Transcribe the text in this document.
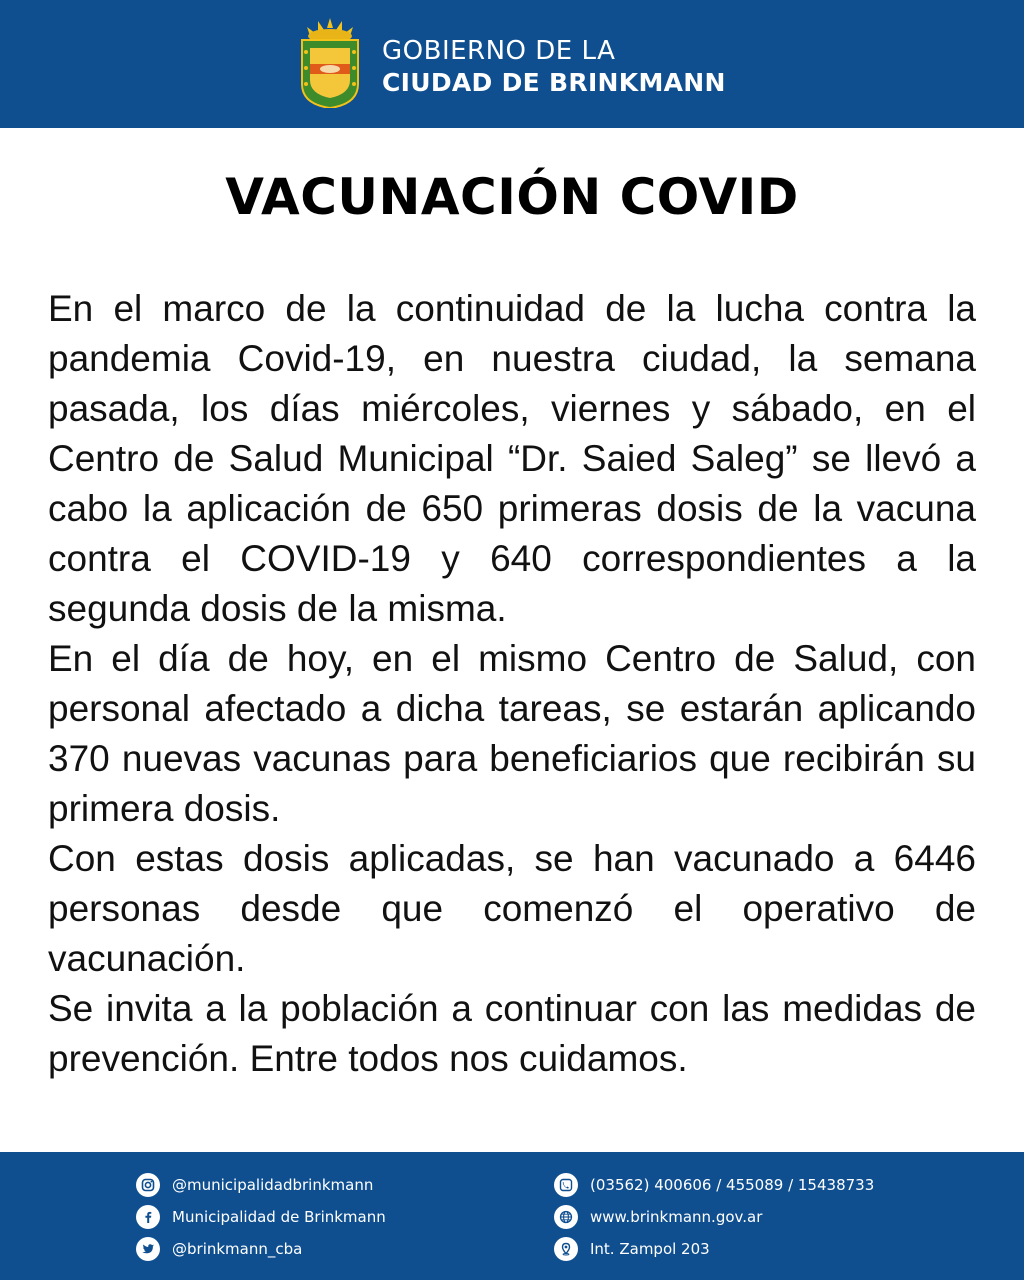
GOBIERNO DE LA
CIUDAD DE BRINKMANN
VACUNACIÓN COVID

En el marco de la continuidad de la lucha contra la pandemia Covid-19, en nuestra ciudad, la semana pasada, los días miércoles, viernes y sábado, en el Centro de Salud Municipal “Dr. Saied Saleg” se llevó a cabo la aplicación de 650 primeras dosis de la vacuna contra el COVID-19 y 640 correspondientes a la segunda dosis de la misma.

En el día de hoy, en el mismo Centro de Salud, con personal afectado a dicha tareas, se estarán aplicando 370 nuevas vacunas para beneficiarios que recibirán su primera dosis.

Con estas dosis aplicadas, se han vacunado a 6446 personas desde que comenzó el operativo de vacunación.

Se invita a la población a continuar con las medidas de prevención. Entre todos nos cuidamos.

@municipalidadbrinkmann
Municipalidad de Brinkmann
@brinkmann_cba
(03562) 400606 / 455089 / 15438733
www.brinkmann.gov.ar
Int. Zampol 203
